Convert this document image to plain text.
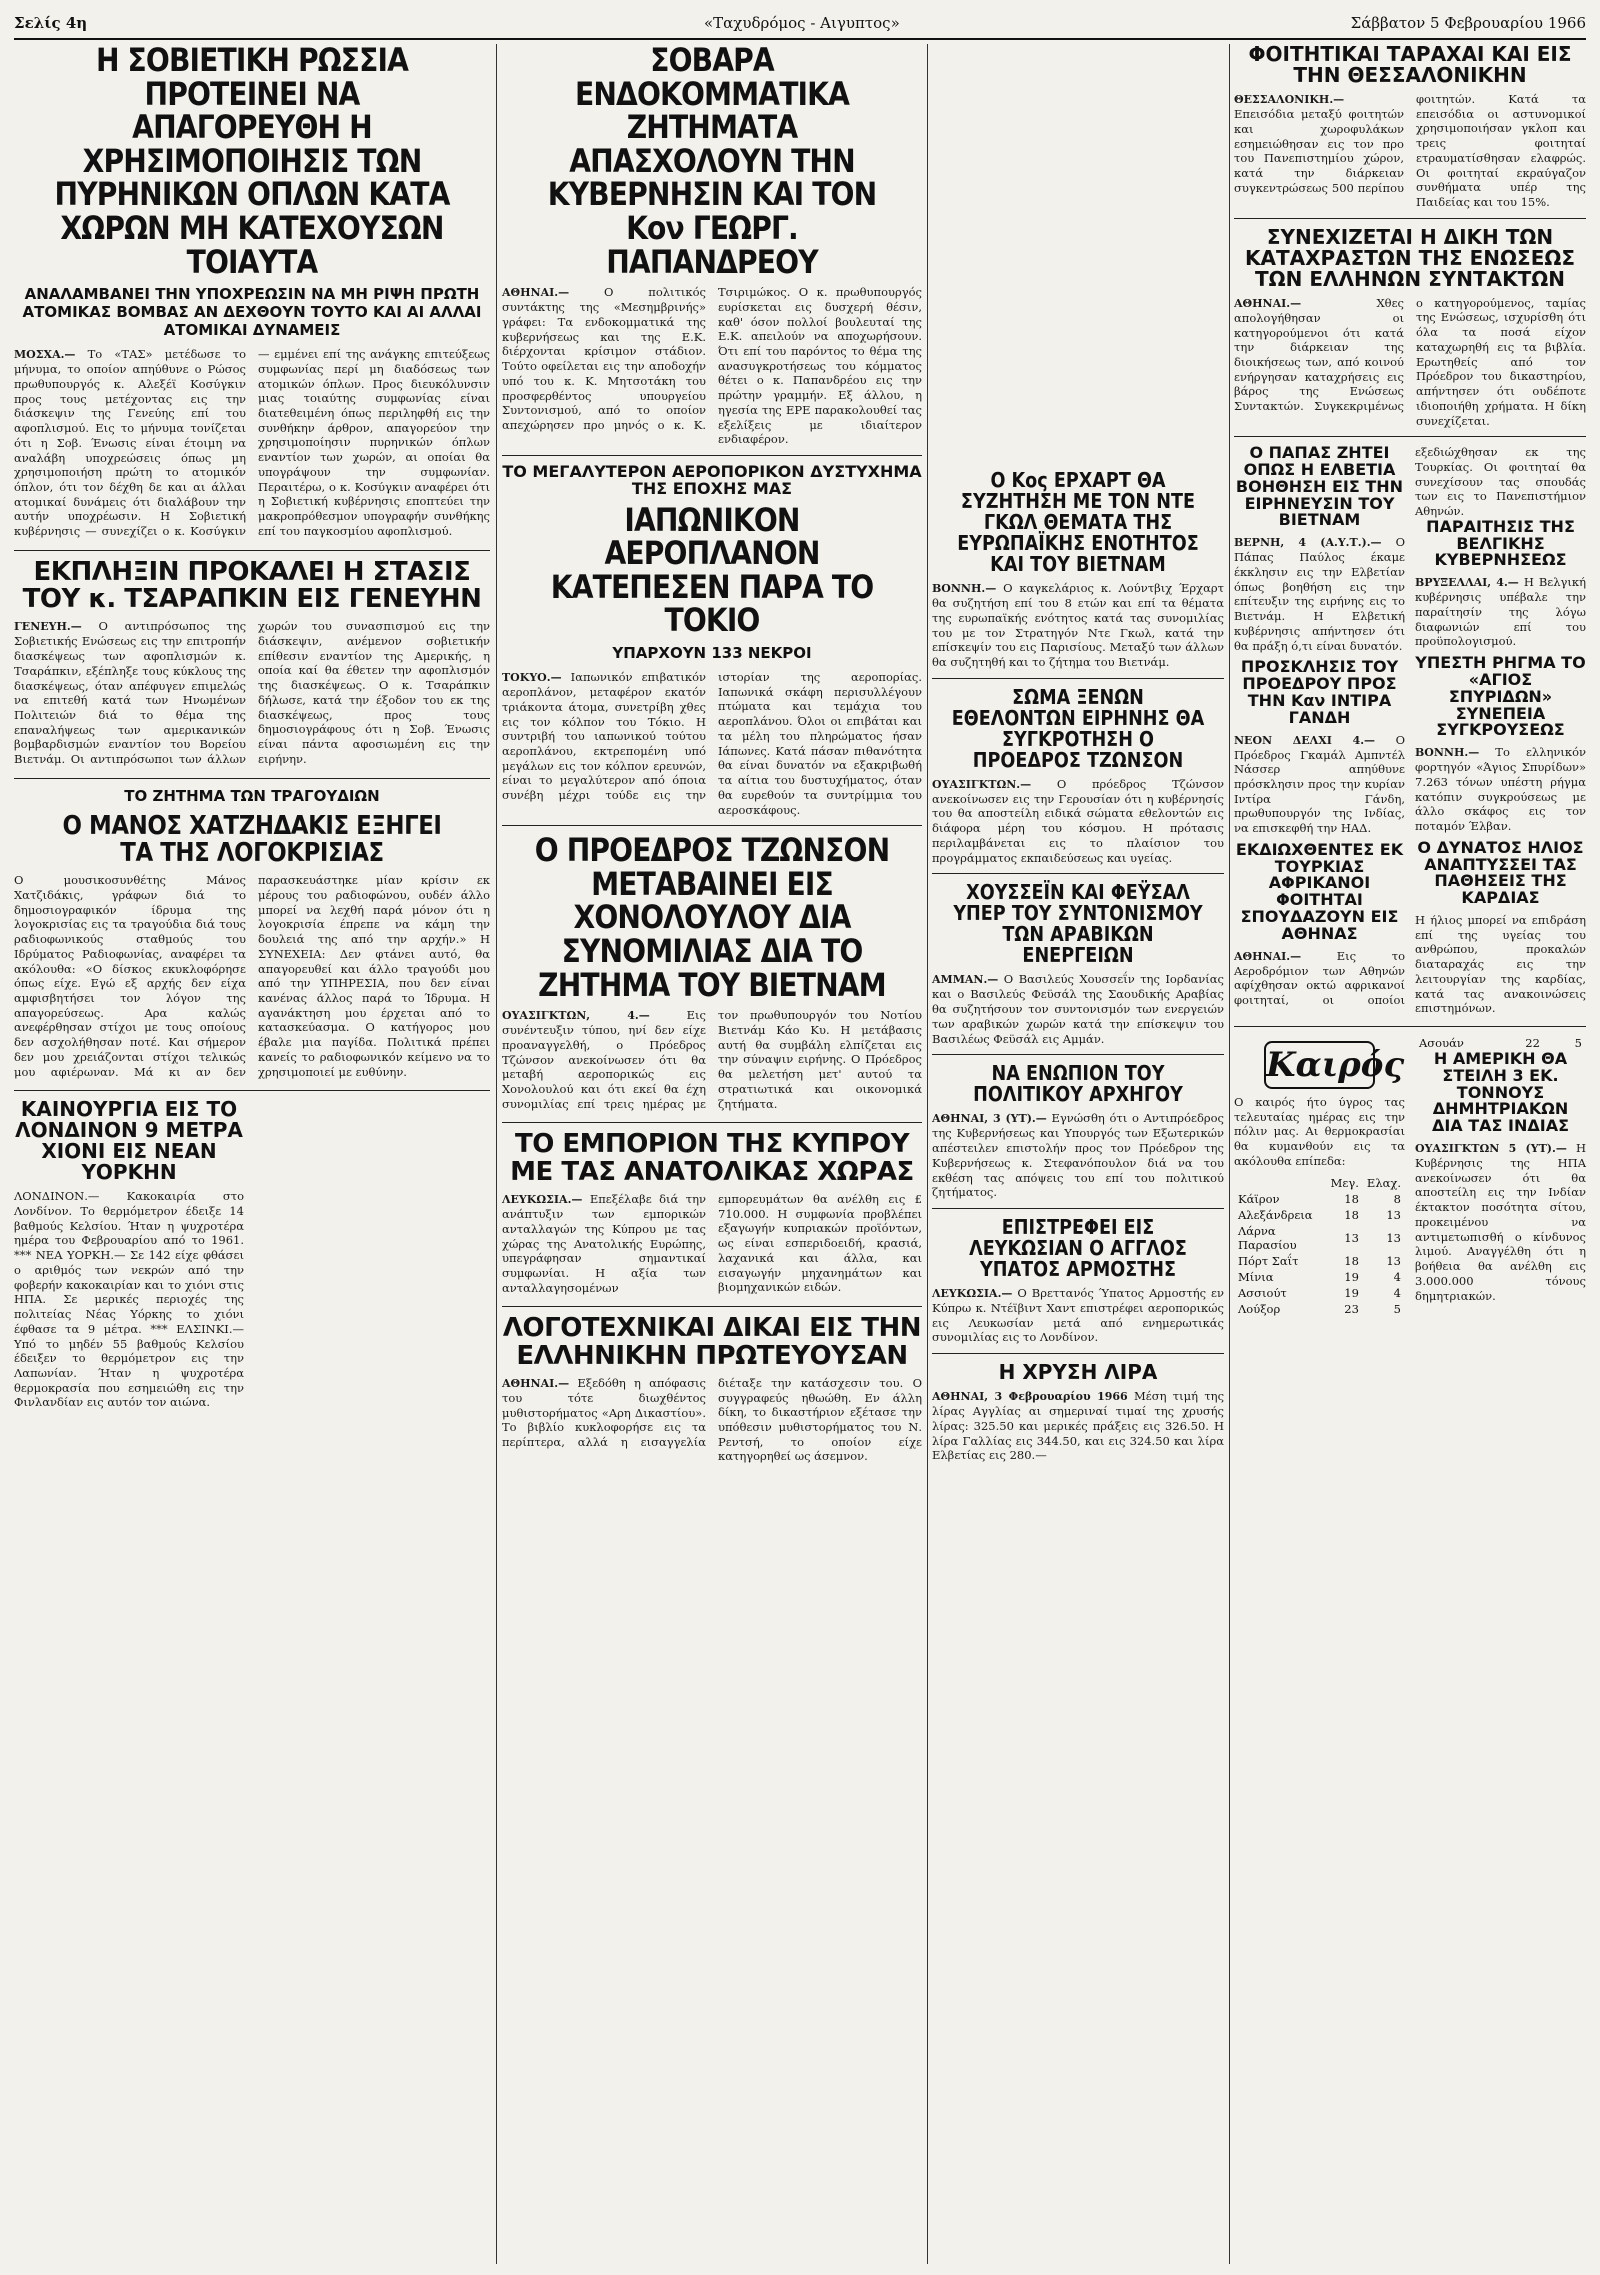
Σελίς 4η	«Ταχυδρόμος - Αιγυπτος»	Σάββατον 5 Φεβρουαρίου 1966
Η ΣΟΒΙΕΤΙΚΗ ΡΩΣΣΙΑ ΠΡΟΤΕΙΝΕΙ ΝΑ ΑΠΑΓΟΡΕΥΘΗ Η ΧΡΗΣΙΜΟΠΟΙΗΣΙΣ ΤΩΝ ΠΥΡΗΝΙΚΩΝ ΟΠΛΩΝ ΚΑΤΑ ΧΩΡΩΝ ΜΗ ΚΑΤΕΧΟΥΣΩΝ ΤΟΙΑΥΤΑ
ΑΝΑΛΑΜΒΑΝΕΙ ΤΗΝ ΥΠΟΧΡΕΩΣΙΝ ΝΑ ΜΗ ΡΙΨΗ ΠΡΩΤΗ ΑΤΟΜΙΚΑΣ ΒΟΜΒΑΣ ΑΝ ΔΕΧΘΟΥΝ ΤΟΥΤΟ ΚΑΙ ΑΙ ΑΛΛΑΙ ΑΤΟΜΙΚΑΙ ΔΥΝΑΜΕΙΣ

ΜΟΣΧΑ.— Το «ΤΑΣ» μετέδωσε το μήνυμα, το οποίον απηύθυνε ο Ρώσος πρωθυπουργός κ. Αλεξέϊ Κοσύγκιν προς τους μετέχοντας εις την διάσκεψιν της Γενεύης επί του αφοπλισμού. Εις το μήνυμα τονίζεται ότι η Σοβ. Ένωσις είναι έτοιμη να αναλάβη υποχρεώσεις όπως μη χρησιμοποιήση πρώτη το ατομικόν όπλον, ότι τον δέχθη δε και αι άλλαι ατομικαί δυνάμεις ότι διαλάβουν την αυτήν υποχρέωσιν. Η Σοβιετική κυβέρνησις — συνεχίζει ο κ. Κοσύγκιν — εμμένει επί της ανάγκης επιτεύξεως συμφωνίας περί μη διαδόσεως των ατομικών όπλων. Προς διευκόλυνσιν μιας τοιαύτης συμφωνίας είναι διατεθειμένη όπως περιληφθή εις την συνθήκην άρθρον, απαγορεύον την χρησιμοποίησιν πυρηνικών όπλων εναντίον των χωρών, αι οποίαι θα υπογράψουν την συμφωνίαν. Περαιτέρω, ο κ. Κοσύγκιν αναφέρει ότι η Σοβιετική κυβέρνησις εποπτεύει την μακροπρόθεσμον υπογραφήν συνθήκης επί του παγκοσμίου αφοπλισμού.

ΕΚΠΛΗΞΙΝ ΠΡΟΚΑΛΕΙ Η ΣΤΑΣΙΣ ΤΟΥ κ. ΤΣΑΡΑΠΚΙΝ ΕΙΣ ΓΕΝΕΥΗΝ

ΓΕΝΕΥΗ.— Ο αντιπρόσωπος της Σοβιετικής Ενώσεως εις την επιτροπήν διασκέψεως των αφοπλισμών κ. Τσαράπκιν, εξέπληξε τους κύκλους της διασκέψεως, όταν απέφυγεν επιμελώς να επιτεθή κατά των Ηνωμένων Πολιτειών διά το θέμα της επαναλήψεως των αμερικανικών βομβαρδισμών εναντίον του Βορείου Βιετνάμ. Οι αντιπρόσωποι των άλλων χωρών του συνασπισμού εις την διάσκεψιν, ανέμενον σοβιετικήν επίθεσιν εναντίον της Αμερικής, η οποία καί θα έθετεν την αφοπλισμόν της διασκέψεως. Ο κ. Τσαράπκιν δήλωσε, κατά την έξοδον του εκ της διασκέψεως, προς τους δημοσιογράφους ότι η Σοβ. Ένωσις είναι πάντα αφοσιωμένη εις την ειρήνην.

ΤΟ ΖΗΤΗΜΑ ΤΩΝ ΤΡΑΓΟΥΔΙΩΝ
Ο ΜΑΝΟΣ ΧΑΤΖΗΔΑΚΙΣ ΕΞΗΓΕΙ ΤΑ ΤΗΣ ΛΟΓΟΚΡΙΣΙΑΣ

Ο μουσικοσυνθέτης Μάνος Χατζιδάκις, γράφων διά το δημοσιογραφικόν ίδρυμα της λογοκρισίας εις τα τραγούδια διά τους ραδιοφωνικούς σταθμούς του Ιδρύματος Ραδιοφωνίας, αναφέρει τα ακόλουθα: «Ο δίσκος εκυκλοφόρησε όπως είχε. Εγώ εξ αρχής δεν είχα αμφισβητήσει τον λόγον της απαγορεύσεως. Αρα καλώς ανεφέρθησαν στίχοι με τους οποίους δεν ασχολήθησαν ποτέ. Και σήμερον δεν μου χρειάζονται στίχοι τελικώς μου αφιέρωναν. Μά κι αν δεν παρασκευάστηκε μίαν κρίσιν εκ μέρους του ραδιοφώνου, ουδέν άλλο μπορεί να λεχθή παρά μόνον ότι η λογοκρισία έπρεπε να κάμη την δουλειά της από την αρχήν.» Η ΣΥΝΕΧΕΙΑ: Δεν φτάνει αυτό, θα απαγορευθεί και άλλο τραγούδι μου από την ΥΠΗΡΕΣΙΑ, που δεν είναι κανένας άλλος παρά το Ίδρυμα. Η αγανάκτηση μου έρχεται από το κατασκεύασμα. Ο κατήγορος μου έβαλε μια παγίδα. Πολιτικά πρέπει κανείς το ραδιοφωνικόν κείμενο να το χρησιμοποιεί με ευθύνην.

ΚΑΙΝΟΥΡΓΙΑ ΕΙΣ ΤΟ ΛΟΝΔΙΝΟΝ 9 ΜΕΤΡΑ ΧΙΟΝΙ ΕΙΣ ΝΕΑΝ ΥΟΡΚΗΝ

ΛΟΝΔΙΝΟΝ.— Κακοκαιρία στο Λονδίνον. Το θερμόμετρον έδειξε 14 βαθμούς Κελσίου. Ήταν η ψυχροτέρα ημέρα του Φεβρουαρίου από το 1961. *** ΝΕΑ ΥΟΡΚΗ.— Σε 142 είχε φθάσει ο αριθμός των νεκρών από την φοβερήν κακοκαιρίαν και το χιόνι στις ΗΠΑ. Σε μερικές περιοχές της πολιτείας Νέας Υόρκης το χιόνι έφθασε τα 9 μέτρα. *** ΕΛΣΙΝΚΙ.— Υπό το μηδέν 55 βαθμούς Κελσίου έδειξεν το θερμόμετρον εις την Λαπωνίαν. Ήταν η ψυχροτέρα θερμοκρασία που εσημειώθη εις την Φινλανδίαν εις αυτόν τον αιώνα.

ΣΟΒΑΡΑ ΕΝΔΟΚΟΜΜΑΤΙΚΑ ΖΗΤΗΜΑΤΑ ΑΠΑΣΧΟΛΟΥΝ ΤΗΝ ΚΥΒΕΡΝΗΣΙΝ ΚΑΙ ΤΟΝ Κον ΓΕΩΡΓ. ΠΑΠΑΝΔΡΕΟΥ

ΑΘΗΝΑΙ.—	Ο πολιτικός συντάκτης της «Μεσημβρινής» γράφει: Τα ενδοκομματικά της κυβερνήσεως και της Ε.Κ. διέρχονται κρίσιμον στάδιον. Τούτο οφείλεται εις την αποδοχήν υπό του κ. Κ. Μητσοτάκη του προσφερθέντος υπουργείου Συντονισμού, από το οποίον απεχώρησεν προ μηνός ο κ. Κ. Τσιριμώκος. Ο κ. πρωθυπουργός ευρίσκεται εις δυσχερή θέσιν, καθ' όσον πολλοί βουλευταί της Ε.Κ. απειλούν να αποχωρήσουν. Ότι επί του παρόντος το θέμα της ανασυγκροτήσεως του κόμματος θέτει ο κ. Παπανδρέου εις την πρώτην γραμμήν. Εξ άλλου, η ηγεσία της ΕΡΕ παρακολουθεί τας εξελίξεις με ιδιαίτερον ενδιαφέρον.

ΤΟ ΜΕΓΑΛΥΤΕΡΟΝ ΑΕΡΟΠΟΡΙΚΟΝ ΔΥΣΤΥΧΗΜΑ ΤΗΣ ΕΠΟΧΗΣ ΜΑΣ
ΙΑΠΩΝΙΚΟΝ ΑΕΡΟΠΛΑΝΟΝ ΚΑΤΕΠΕΣΕΝ ΠΑΡΑ ΤΟ ΤΟΚΙΟ
ΥΠΑΡΧΟΥΝ 133 ΝΕΚΡΟΙ

ΤΟΚΥΟ.— Ιαπωνικόν επιβατικόν αεροπλάνον, μεταφέρον εκατόν τριάκοντα άτομα, συνετρίβη χθες εις τον κόλπον του Τόκιο. Η συντριβή του ιαπωνικού τούτου αεροπλάνου, εκτρεπομένη υπό μεγάλων εις τον κόλπον ερευνών, είναι το μεγαλύτερον από όποια συνέβη μέχρι τούδε εις την ιστορίαν της αεροπορίας. Ιαπωνικά σκάφη περισυλλέγουν πτώματα και τεμάχια του αεροπλάνου. Όλοι οι επιβάται και τα μέλη του πληρώματος ήσαν Ιάπωνες. Κατά πάσαν πιθανότητα θα είναι δυνατόν να εξακριβωθή τα αίτια του δυστυχήματος, όταν θα ευρεθούν τα συντρίμμια του αεροσκάφους.

Ο ΠΡΟΕΔΡΟΣ ΤΖΩΝΣΟΝ ΜΕΤΑΒΑΙΝΕΙ ΕΙΣ ΧΟΝΟΛΟΥΛΟΥ ΔΙΑ ΣΥΝΟΜΙΛΙΑΣ ΔΙΑ ΤΟ ΖΗΤΗΜΑ ΤΟΥ ΒΙΕΤΝΑΜ

ΟΥΑΣΙΓΚΤΩΝ, 4.—	Εις συνέντευξιν τύπου, ηνί δεν είχε προαναγγελθή, ο Πρόεδρος Τζώνσον ανεκοίνωσεν ότι θα μεταβή αεροπορικώς εις Χονολουλού και ότι εκεί θα έχη συνομιλίας επί τρεις ημέρας με τον πρωθυπουργόν του Νοτίου Βιετνάμ Κάο Κυ. Η μετάβασις αυτή θα συμβάλη ελπίζεται εις την σύναψιν ειρήνης. Ο Πρόεδρος θα μελετήση μετ' αυτού τα στρατιωτικά και οικονομικά ζητήματα.

ΤΟ ΕΜΠΟΡΙΟΝ ΤΗΣ ΚΥΠΡΟΥ ΜΕ ΤΑΣ ΑΝΑΤΟΛΙΚΑΣ ΧΩΡΑΣ

ΛΕΥΚΩΣΙΑ.— Επεξέλαβε διά την ανάπτυξιν των εμπορικών ανταλλαγών της Κύπρου με τας χώρας της Ανατολικής Ευρώπης, υπεγράφησαν σημαντικαί συμφωνίαι. Η αξία των ανταλλαγησομένων εμπορευμάτων θα ανέλθη εις £ 710.000. Η συμφωνία προβλέπει εξαγωγήν κυπριακών προϊόντων, ως είναι εσπεριδοειδή, κρασιά, λαχανικά και άλλα, και εισαγωγήν μηχανημάτων και βιομηχανικών ειδών.

ΛΟΓΟΤΕΧΝΙΚΑΙ ΔΙΚΑΙ ΕΙΣ ΤΗΝ ΕΛΛΗΝΙΚΗΝ ΠΡΩΤΕΥΟΥΣΑΝ

ΑΘΗΝΑΙ.— Εξεδόθη η απόφασις του τότε διωχθέντος μυθιστορήματος «Αρη Δικαστίου». Το βιβλίο κυκλοφορήσε εις τα περίπτερα, αλλά η εισαγγελία διέταξε την κατάσχεσιν του. Ο συγγραφεύς ηθωώθη. Εν άλλη δίκη, το δικαστήριον εξέτασε την υπόθεσιν μυθιστορήματος του Ν. Ρεντσή, το οποίον είχε κατηγορηθεί ως άσεμνον.

Ο Κος ΕΡΧΑΡΤ ΘΑ ΣΥΖΗΤΗΣΗ ΜΕ ΤΟΝ ΝΤΕ ΓΚΩΛ ΘΕΜΑΤΑ ΤΗΣ ΕΥΡΩΠΑΪΚΗΣ ΕΝΟΤΗΤΟΣ ΚΑΙ ΤΟΥ ΒΙΕΤΝΑΜ

ΒΟΝΝΗ.— Ο καγκελάριος κ. Λούντβιχ Έρχαρτ θα συζητήση επί του 8 ετών και επί τα θέματα της ευρωπαϊκής ενότητος κατά τας συνομιλίας του με τον Στρατηγόν Ντε Γκωλ, κατά την επίσκεψίν του εις Παρισίους. Μεταξύ των άλλων θα συζητηθή και το ζήτημα του Βιετνάμ.

ΣΩΜΑ ΞΕΝΩΝ ΕΘΕΛΟΝΤΩΝ ΕΙΡΗΝΗΣ ΘΑ ΣΥΓΚΡΟΤΗΣΗ Ο ΠΡΟΕΔΡΟΣ ΤΖΩΝΣΟΝ

ΟΥΑΣΙΓΚΤΩΝ.— Ο πρόεδρος Τζώνσον ανεκοίνωσεν εις την Γερουσίαν ότι η κυβέρνησίς του θα αποστείλη ειδικά σώματα εθελοντών εις διάφορα μέρη του κόσμου. Η πρότασις περιλαμβάνεται εις το πλαίσιον του προγράμματος εκπαιδεύσεως και υγείας.

ΧΟΥΣΣΕΪΝ ΚΑΙ ΦΕΫΣΑΛ ΥΠΕΡ ΤΟΥ ΣΥΝΤΟΝΙΣΜΟΥ ΤΩΝ ΑΡΑΒΙΚΩΝ ΕΝΕΡΓΕΙΩΝ

ΑΜΜΑΝ.— Ο Βασιλεύς Χουσσεΐν της Ιορδανίας και ο Βασιλεύς Φεϋσάλ της Σαουδικής Αραβίας θα συζητήσουν τον συντονισμόν των ενεργειών των αραβικών χωρών κατά την επίσκεψιν του Βασιλέως Φεϋσάλ εις Αμμάν.

ΝΑ ΕΝΩΠΙΟΝ ΤΟΥ ΠΟΛΙΤΙΚΟΥ ΑΡΧΗΓΟΥ

ΑΘΗΝΑΙ, 3 (ΥΤ).— Εγνώσθη ότι ο Αντιπρόεδρος της Κυβερνήσεως και Υπουργός των Εξωτερικών απέστειλεν επιστολήν προς τον Πρόεδρον της Κυβερνήσεως κ. Στεφανόπουλον διά να του εκθέση τας απόψεις του επί του πολιτικού ζητήματος.

ΕΠΙΣΤΡΕΦΕΙ ΕΙΣ ΛΕΥΚΩΣΙΑΝ Ο ΑΓΓΛΟΣ ΥΠΑΤΟΣ ΑΡΜΟΣΤΗΣ

ΛΕΥΚΩΣΙΑ.— Ο Βρεττανός Ύπατος Αρμοστής εν Κύπρω κ. Ντέϊβιντ Χαντ επιστρέφει αεροπορικώς εις Λευκωσίαν μετά από ενημερωτικάς συνομιλίας εις το Λονδίνον.

Η ΧΡΥΣΗ ΛΙΡΑ

ΑΘΗΝΑΙ, 3 Φεβρουαρίου 1966 Μέση τιμή της λίρας Αγγλίας αι σημεριναί τιμαί της χρυσής λίρας: 325.50 και μερικές πράξεις εις 326.50. Η λίρα Γαλλίας εις 344.50, και εις 324.50 και λίρα Ελβετίας εις 280.—

ΦΟΙΤΗΤΙΚΑΙ ΤΑΡΑΧΑΙ ΚΑΙ ΕΙΣ ΤΗΝ ΘΕΣΣΑΛΟΝΙΚΗΝ

ΘΕΣΣΑΛΟΝΙΚΗ.— Επεισόδια μεταξύ φοιτητών και χωροφυλάκων εσημειώθησαν εις τον προ του Πανεπιστημίου χώρον, κατά την διάρκειαν συγκεντρώσεως 500 περίπου φοιτητών. Κατά τα επεισόδια οι αστυνομικοί χρησιμοποιήσαν γκλοπ και τρεις φοιτηταί ετραυματίσθησαν ελαφρώς. Οι φοιτηταί εκραύγαζον συνθήματα υπέρ της Παιδείας και του 15%.

ΣΥΝΕΧΙΖΕΤΑΙ Η ΔΙΚΗ ΤΩΝ ΚΑΤΑΧΡΑΣΤΩΝ ΤΗΣ ΕΝΩΣΕΩΣ ΤΩΝ ΕΛΛΗΝΩΝ ΣΥΝΤΑΚΤΩΝ

ΑΘΗΝΑΙ.—	Χθες απολογήθησαν οι κατηγορούμενοι ότι κατά την διάρκειαν της διοικήσεως των, από κοινού ενήργησαν καταχρήσεις εις βάρος της Ενώσεως Συντακτών. Συγκεκριμένως ο κατηγορούμενος, ταμίας της Ενώσεως, ισχυρίσθη ότι όλα τα ποσά είχον καταχωρηθή εις τα βιβλία. Ερωτηθείς από τον Πρόεδρον του δικαστηρίου, απήντησεν ότι ουδέποτε ιδιοποιήθη χρήματα. Η δίκη συνεχίζεται.

Ο ΠΑΠΑΣ ΖΗΤΕΙ ΟΠΩΣ Η ΕΛΒΕΤΙΑ ΒΟΗΘΗΣΗ ΕΙΣ ΤΗΝ ΕΙΡΗΝΕΥΣΙΝ ΤΟΥ ΒΙΕΤΝΑΜ

ΒΕΡΝΗ, 4 (Α.Υ.Τ.).— Ο Πάπας Παύλος έκαμε έκκλησιν εις την Ελβετίαν όπως βοηθήση εις την επίτευξιν της ειρήνης εις το Βιετνάμ. Η Ελβετική κυβέρνησις απήντησεν ότι θα πράξη ό,τι είναι δυνατόν.

ΠΡΟΣΚΛΗΣΙΣ ΤΟΥ ΠΡΟΕΔΡΟΥ ΠΡΟΣ ΤΗΝ Καν ΙΝΤΙΡΑ ΓΑΝΔΗ

ΝΕΟΝ ΔΕΛΧΙ 4.— Ο Πρόεδρος Γκαμάλ Αμπντέλ Νάσσερ απηύθυνε πρόσκλησιν προς την κυρίαν Ιντίρα Γάνδη, πρωθυπουργόν της Ινδίας, να επισκεφθή την ΗΑΔ.

ΕΚΔΙΩΧΘΕΝΤΕΣ ΕΚ ΤΟΥΡΚΙΑΣ ΑΦΡΙΚΑΝΟΙ ΦΟΙΤΗΤΑΙ ΣΠΟΥΔΑΖΟΥΝ ΕΙΣ ΑΘΗΝΑΣ

ΑΘΗΝΑΙ.—	Εις το Αεροδρόμιον των Αθηνών αφίχθησαν οκτώ αφρικανοί φοιτηταί, οι οποίοι εξεδιώχθησαν εκ της Τουρκίας. Οι φοιτηταί θα συνεχίσουν τας σπουδάς των εις το Πανεπιστήμιον Αθηνών.

ΠΑΡΑΙΤΗΣΙΣ ΤΗΣ ΒΕΛΓΙΚΗΣ ΚΥΒΕΡΝΗΣΕΩΣ

ΒΡΥΞΕΛΛΑΙ, 4.— Η Βελγική κυβέρνησις υπέβαλε την παραίτησίν της λόγω διαφωνιών επί του προϋπολογισμού.

ΥΠΕΣΤΗ ΡΗΓΜΑ ΤΟ «ΑΓΙΟΣ ΣΠΥΡΙΔΩΝ» ΣΥΝΕΠΕΙΑ ΣΥΓΚΡΟΥΣΕΩΣ

ΒΟΝΝΗ.— Το ελληνικόν φορτηγόν «Άγιος Σπυρίδων» 7.263 τόνων υπέστη ρήγμα κατόπιν συγκρούσεως με άλλο σκάφος εις τον ποταμόν Έλβαν.

Ο ΔΥΝΑΤΟΣ ΗΛΙΟΣ ΑΝΑΠΤΥΣΣΕΙ ΤΑΣ ΠΑΘΗΣΕΙΣ ΤΗΣ ΚΑΡΔΙΑΣ

Η ήλιος μπορεί να επιδράση επί της υγείας του ανθρώπου, προκαλών διαταραχάς εις την λειτουργίαν της καρδίας, κατά τας ανακοινώσεις επιστημόνων.

Καιρός

Ο καιρός ήτο ύγρος τας τελευταίας ημέρας εις την πόλιν μας. Αι θερμοκρασίαι θα κυμανθούν εις τα ακόλουθα επίπεδα:

	Μεγ.	Ελαχ.
Κάϊρον	18	8
Αλεξάνδρεια	18	13
Λάρνα Παρασίου	13	13
Πόρτ Σαΐτ	18	13
Μίνια	19	4
Ασσιούτ	19	4
Λούξορ	23	5
Ασουάν	22	5
Η ΑΜΕΡΙΚΗ ΘΑ ΣΤΕΙΛΗ 3 ΕΚ. ΤΟΝΝΟΥΣ ΔΗΜΗΤΡΙΑΚΩΝ ΔΙΑ ΤΑΣ ΙΝΔΙΑΣ

ΟΥΑΣΙΓΚΤΩΝ 5 (ΥΤ).— Η Κυβέρνησις της ΗΠΑ ανεκοίνωσεν ότι θα αποστείλη εις την Ινδίαν έκτακτον ποσότητα σίτου, προκειμένου να αντιμετωπισθή ο κίνδυνος λιμού. Αναγγέλθη ότι η βοήθεια θα ανέλθη εις 3.000.000 τόνους δημητριακών.
